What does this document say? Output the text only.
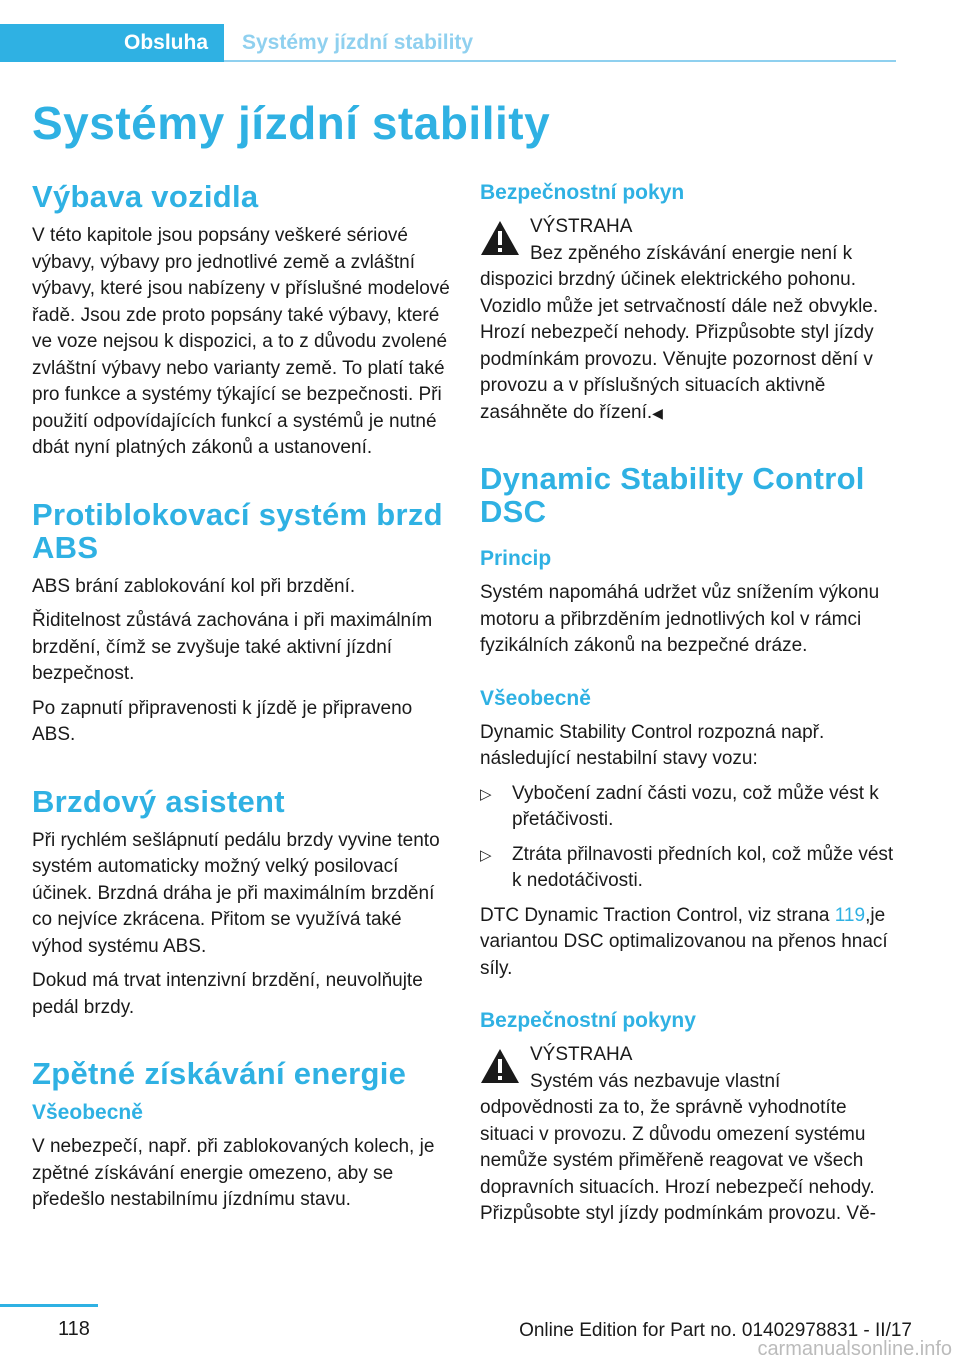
Obsluha Systémy jízdní stability
Systémy jízdní stability
Výbava vozidla

V této kapitole jsou popsány veškeré sériové výbavy, výbavy pro jednotlivé země a zvláštní výbavy, které jsou nabízeny v příslušné modelové řadě. Jsou zde proto popsány také výbavy, které ve voze nejsou k dispozici, a to z důvodu zvolené zvláštní výbavy nebo varianty země. To platí také pro funkce a systémy týkající se bezpečnosti. Při použití odpovídajících funkcí a systémů je nutné dbát nyní platných zákonů a ustanovení.

Protiblokovací systém brzd ABS

ABS brání zablokování kol při brzdění.

Řiditelnost zůstává zachována i při maximálním brzdění, čímž se zvyšuje také aktivní jízdní bezpečnost.

Po zapnutí připravenosti k jízdě je připraveno ABS.

Brzdový asistent

Při rychlém sešlápnutí pedálu brzdy vyvine tento systém automaticky možný velký posilovací účinek. Brzdná dráha je při maximálním brzdění co nejvíce zkrácena. Přitom se využívá také výhod systému ABS.

Dokud má trvat intenzivní brzdění, neuvolňujte pedál brzdy.

Zpětné získávání energie
Všeobecně

V nebezpečí, např. při zablokovaných kolech, je zpětné získávání energie omezeno, aby se předešlo nestabilnímu jízdnímu stavu.

Bezpečnostní pokyn
VÝSTRAHA

Bez zpěného získávání energie není k dispozici brzdný účinek elektrického pohonu. Vozidlo může jet setrvačností dále než obvykle. Hrozí nebezpečí nehody. Přizpůsobte styl jízdy podmínkám provozu. Věnujte pozornost dění v provozu a v příslušných situacích aktivně zasáhněte do řízení.◀

Dynamic Stability Control DSC
Princip

Systém napomáhá udržet vůz snížením výkonu motoru a přibrzděním jednotlivých kol v rámci fyzikálních zákonů na bezpečné dráze.

Všeobecně

Dynamic Stability Control rozpozná např. následující nestabilní stavy vozu:

▷	Vybočení zadní části vozu, což může vést k přetáčivosti.
▷	Ztráta přilnavosti předních kol, což může vést k nedotáčivosti.

DTC Dynamic Traction Control, viz strana 119,je variantou DSC optimalizovanou na přenos hnací síly.

Bezpečnostní pokyny
VÝSTRAHA

Systém vás nezbavuje vlastní odpovědnosti za to, že správně vyhodnotíte situaci v provozu. Z důvodu omezení systému nemůže systém přiměřeně reagovat ve všech dopravních situacích. Hrozí nebezpečí nehody. Přizpůsobte styl jízdy podmínkám provozu. Vě-

118	Online Edition for Part no. 01402978831 - II/17
carmanualsonline.info
